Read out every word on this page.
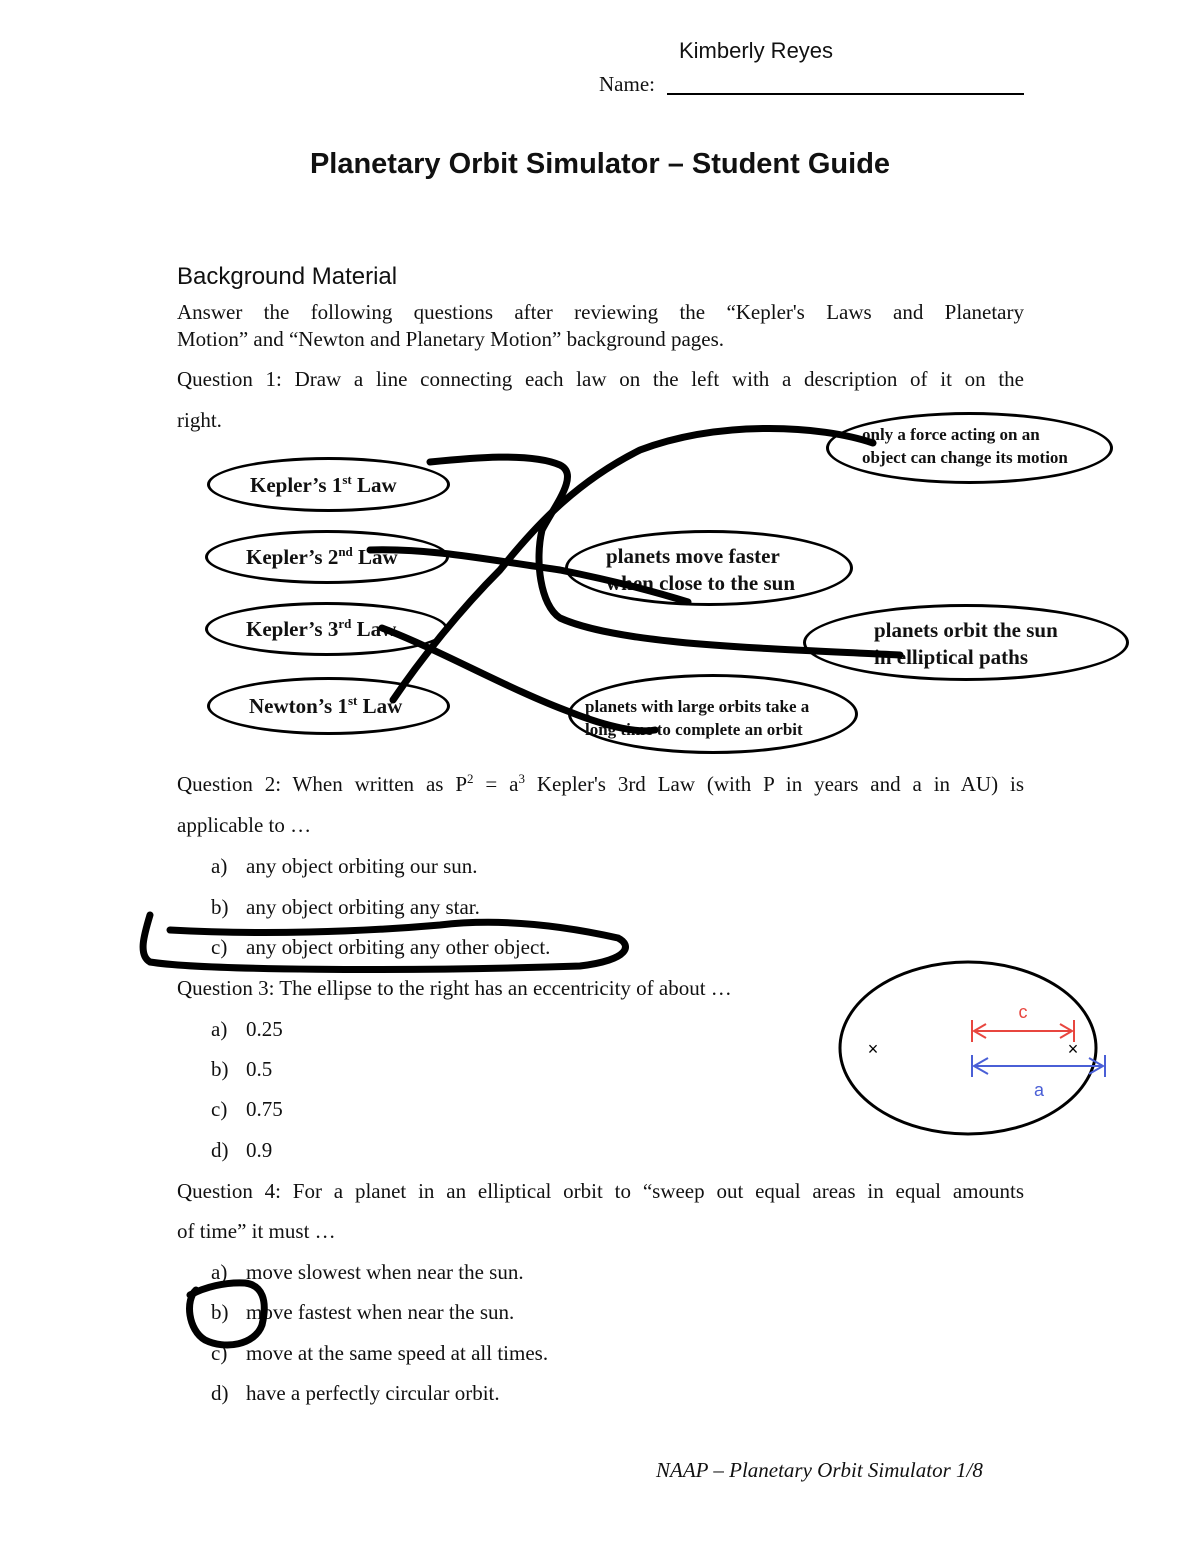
Kimberly Reyes
Name:
Planetary Orbit Simulator – Student Guide
Background Material
Answer the following questions after reviewing the “Kepler's Laws and Planetary
Motion” and “Newton and Planetary Motion” background pages.
Question 1: Draw a line connecting each law on the left with a description of it on the
right.
Kepler’s 1st Law
Kepler’s 2nd Law
Kepler’s 3rd Law
Newton’s 1st Law
only a force acting on an
object can change its motion
planets move faster
when close to the sun
planets orbit the sun
in elliptical paths
planets with large orbits take a
long time to complete an orbit
Question 2: When written as $P^2 = a^3$ Kepler's 3rd Law (with P in years and a in AU) is
applicable to …
a) any object orbiting our sun.
b) any object orbiting any star.
c) any object orbiting any other object.
Question 3: The ellipse to the right has an eccentricity of about …
a) 0.25
b) 0.5
c) 0.75
d) 0.9
×	×
c
a
Question 4: For a planet in an elliptical orbit to “sweep out equal areas in equal amounts
of time” it must …
a) move slowest when near the sun.
b) move fastest when near the sun.
c) move at the same speed at all times.
d) have a perfectly circular orbit.
NAAP – Planetary Orbit Simulator 1/8
